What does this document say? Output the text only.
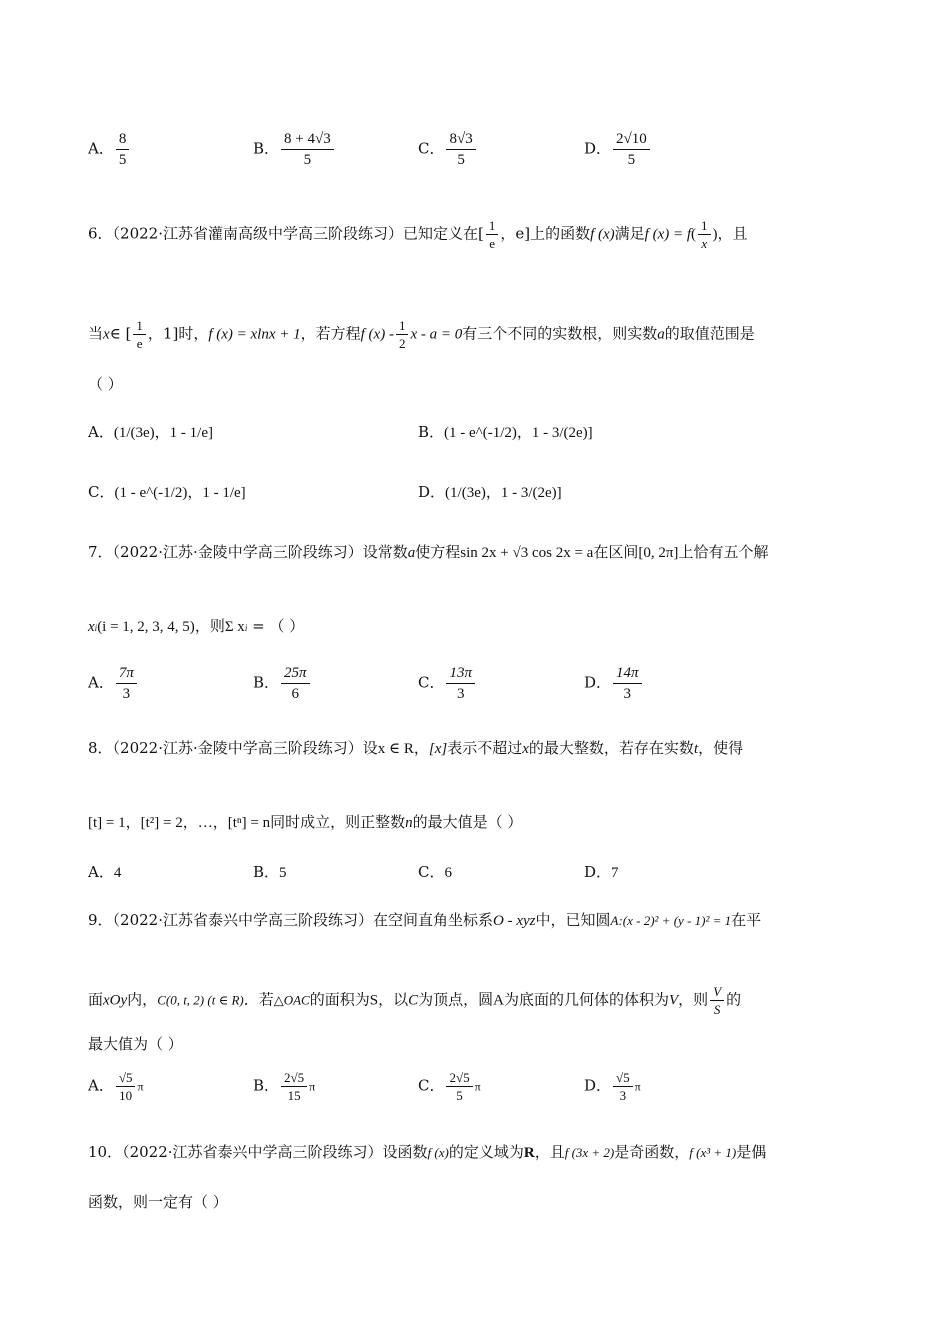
A． $\frac{8}{5}$	B． $\frac{8 + 4√3}{5}$	C． $\frac{8√3}{5}$	D． $\frac{2√10}{5}$
6．（2022·江苏省灌南高级中学高三阶段练习）已知定义在[ $\frac{1}{e}$ ，e]上的函数f (x)满足f $(x) = f( \frac{1}{x}$ )，且
当x∈ [ $\frac{1}{e}$ ，1]时，f (x) = xlnx + 1，若方程f $(x) - \frac{1}{2}$ x - a = 0有三个不同的实数根，则实数a的取值范围是
（ ）
A．(1/(3e)，1 - 1/e]	B．(1 - e^(-1/2)，1 - 3/(2e)]
C．(1 - e^(-1/2)，1 - 1/e]	D．(1/(3e)，1 - 3/(2e)]
7．（2022·江苏·金陵中学高三阶段练习）设常数a使方程sin 2x + √3 cos 2x = a在区间[0, 2π]上恰有五个解
xi(i = 1, 2, 3, 4, 5)，则Σ xi = （ ）
A． $\frac{7\pi}{3}$	B． $\frac{25\pi}{6}$	C． $\frac{13\pi}{3}$	D． $\frac{14\pi}{3}$
8．（2022·江苏·金陵中学高三阶段练习）设x ∈ R，[x]表示不超过x的最大整数，若存在实数t，使得
[t] = 1，[t²] = 2，…，[tⁿ] = n同时成立，则正整数n的最大值是（ ）
A．4	B．5	C．6	D．7
9．（2022·江苏省泰兴中学高三阶段练习）在空间直角坐标系O - xyz中，已知圆A:(x - 2)² + (y - 1)² = 1在平
面xOy内，C(0, t, 2) (t ∈ R)．若△OAC的面积为S，以C为顶点，圆A为底面的几何体的体积为V，则 $\frac{V}{S}$ 的
最大值为（ ）
A． $\frac{√5}{10}$ π	B． $\frac{2√5}{15}$ π	C． $\frac{2√5}{5}$ π	D． $\frac{√5}{3}$ π
10．（2022·江苏省泰兴中学高三阶段练习）设函数f (x)的定义域为R，且f (3x + 2)是奇函数，f (x³ + 1)是偶
函数，则一定有（ ）
